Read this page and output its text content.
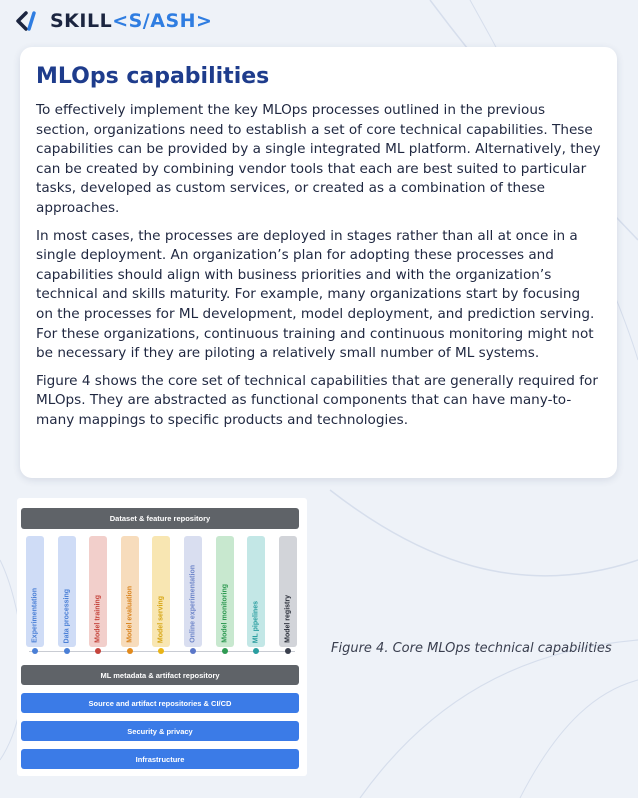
SKILL<S/ASH>
MLOps capabilities

To effectively implement the key MLOps processes outlined in the previous section, organizations need to establish a set of core technical capabilities. These capabilities can be provided by a single integrated ML platform. Alternatively, they can be created by combining vendor tools that each are best suited to particular tasks, developed as custom services, or created as a combination of these approaches.

In most cases, the processes are deployed in stages rather than all at once in a single deployment. An organization’s plan for adopting these processes and capabilities should align with business priorities and with the organization’s technical and skills maturity. For example, many organizations start by focusing on the processes for ML development, model deployment, and prediction serving. For these organizations, continuous training and continuous monitoring might not be necessary if they are piloting a relatively small number of ML systems.

Figure 4 shows the core set of technical capabilities that are generally required for MLOps. They are abstracted as functional components that can have many-to-many mappings to specific products and technologies.

Dataset & feature repository
Experimentation	Data processing	Model training	Model evaluation	Model serving	Online experimentation	Model monitoring	ML pipelines	Model registry
ML metadata & artifact repository
Source and artifact repositories & CI/CD
Security & privacy
Infrastructure
Figure 4. Core MLOps technical capabilities
